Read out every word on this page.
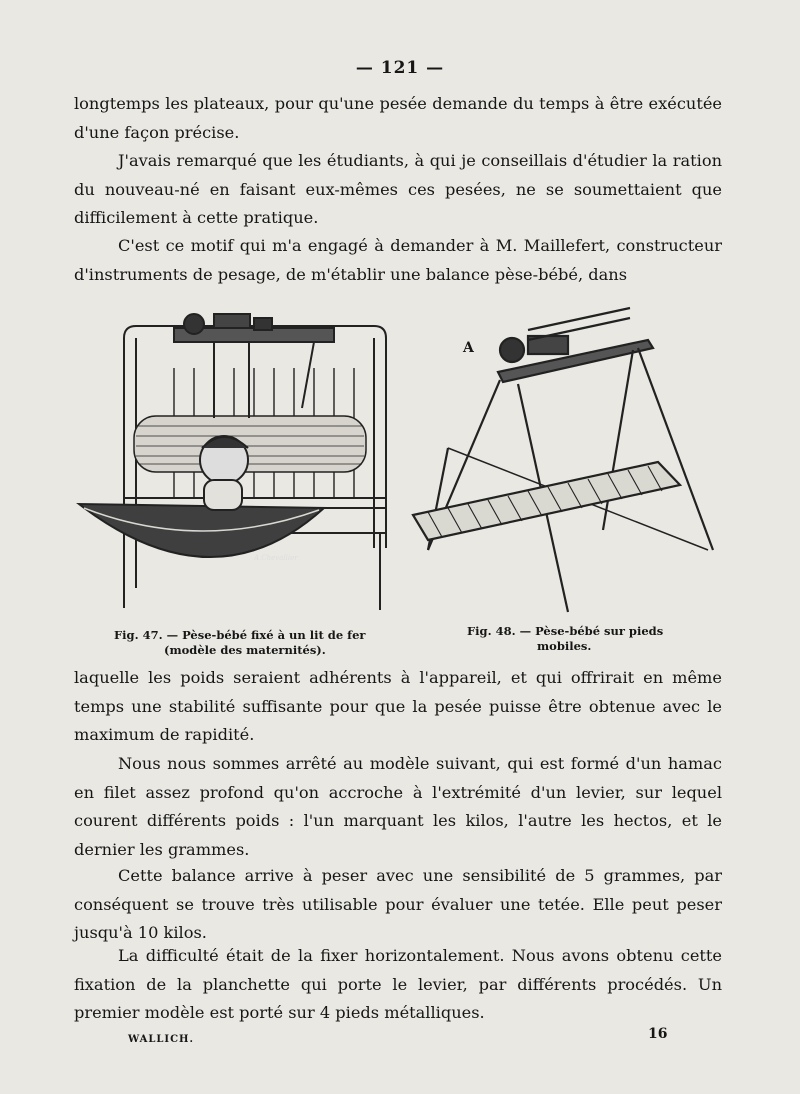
— 121 —

longtemps les plateaux, pour qu'une pesée demande du temps à être exécutée d'une façon précise.

J'avais remarqué que les étudiants, à qui je conseillais d'étudier la ration du nouveau-né en faisant eux-mêmes ces pesées, ne se soumettaient que difficilement à cette pratique.

C'est ce motif qui m'a engagé à demander à M. Maillefert, constructeur d'instruments de pesage, de m'établir une balance pèse-bébé, dans

A.Chevallier
A
Fig. 47. — Pèse-bébé fixé à un lit de fer
(modèle des maternités).
Fig. 48. — Pèse-bébé sur pieds
mobiles.

laquelle les poids seraient adhérents à l'appareil, et qui offrirait en même temps une stabilité suffisante pour que la pesée puisse être obtenue avec le maximum de rapidité.

Nous nous sommes arrêté au modèle suivant, qui est formé d'un hamac en filet assez profond qu'on accroche à l'extrémité d'un levier, sur lequel courent différents poids : l'un marquant les kilos, l'autre les hectos, et le dernier les grammes.

Cette balance arrive à peser avec une sensibilité de 5 grammes, par conséquent se trouve très utilisable pour évaluer une tetée. Elle peut peser jusqu'à 10 kilos.

La difficulté était de la fixer horizontalement. Nous avons obtenu cette fixation de la planchette qui porte le levier, par différents procédés. Un premier modèle est porté sur 4 pieds métalliques.

WALLICH.	16
